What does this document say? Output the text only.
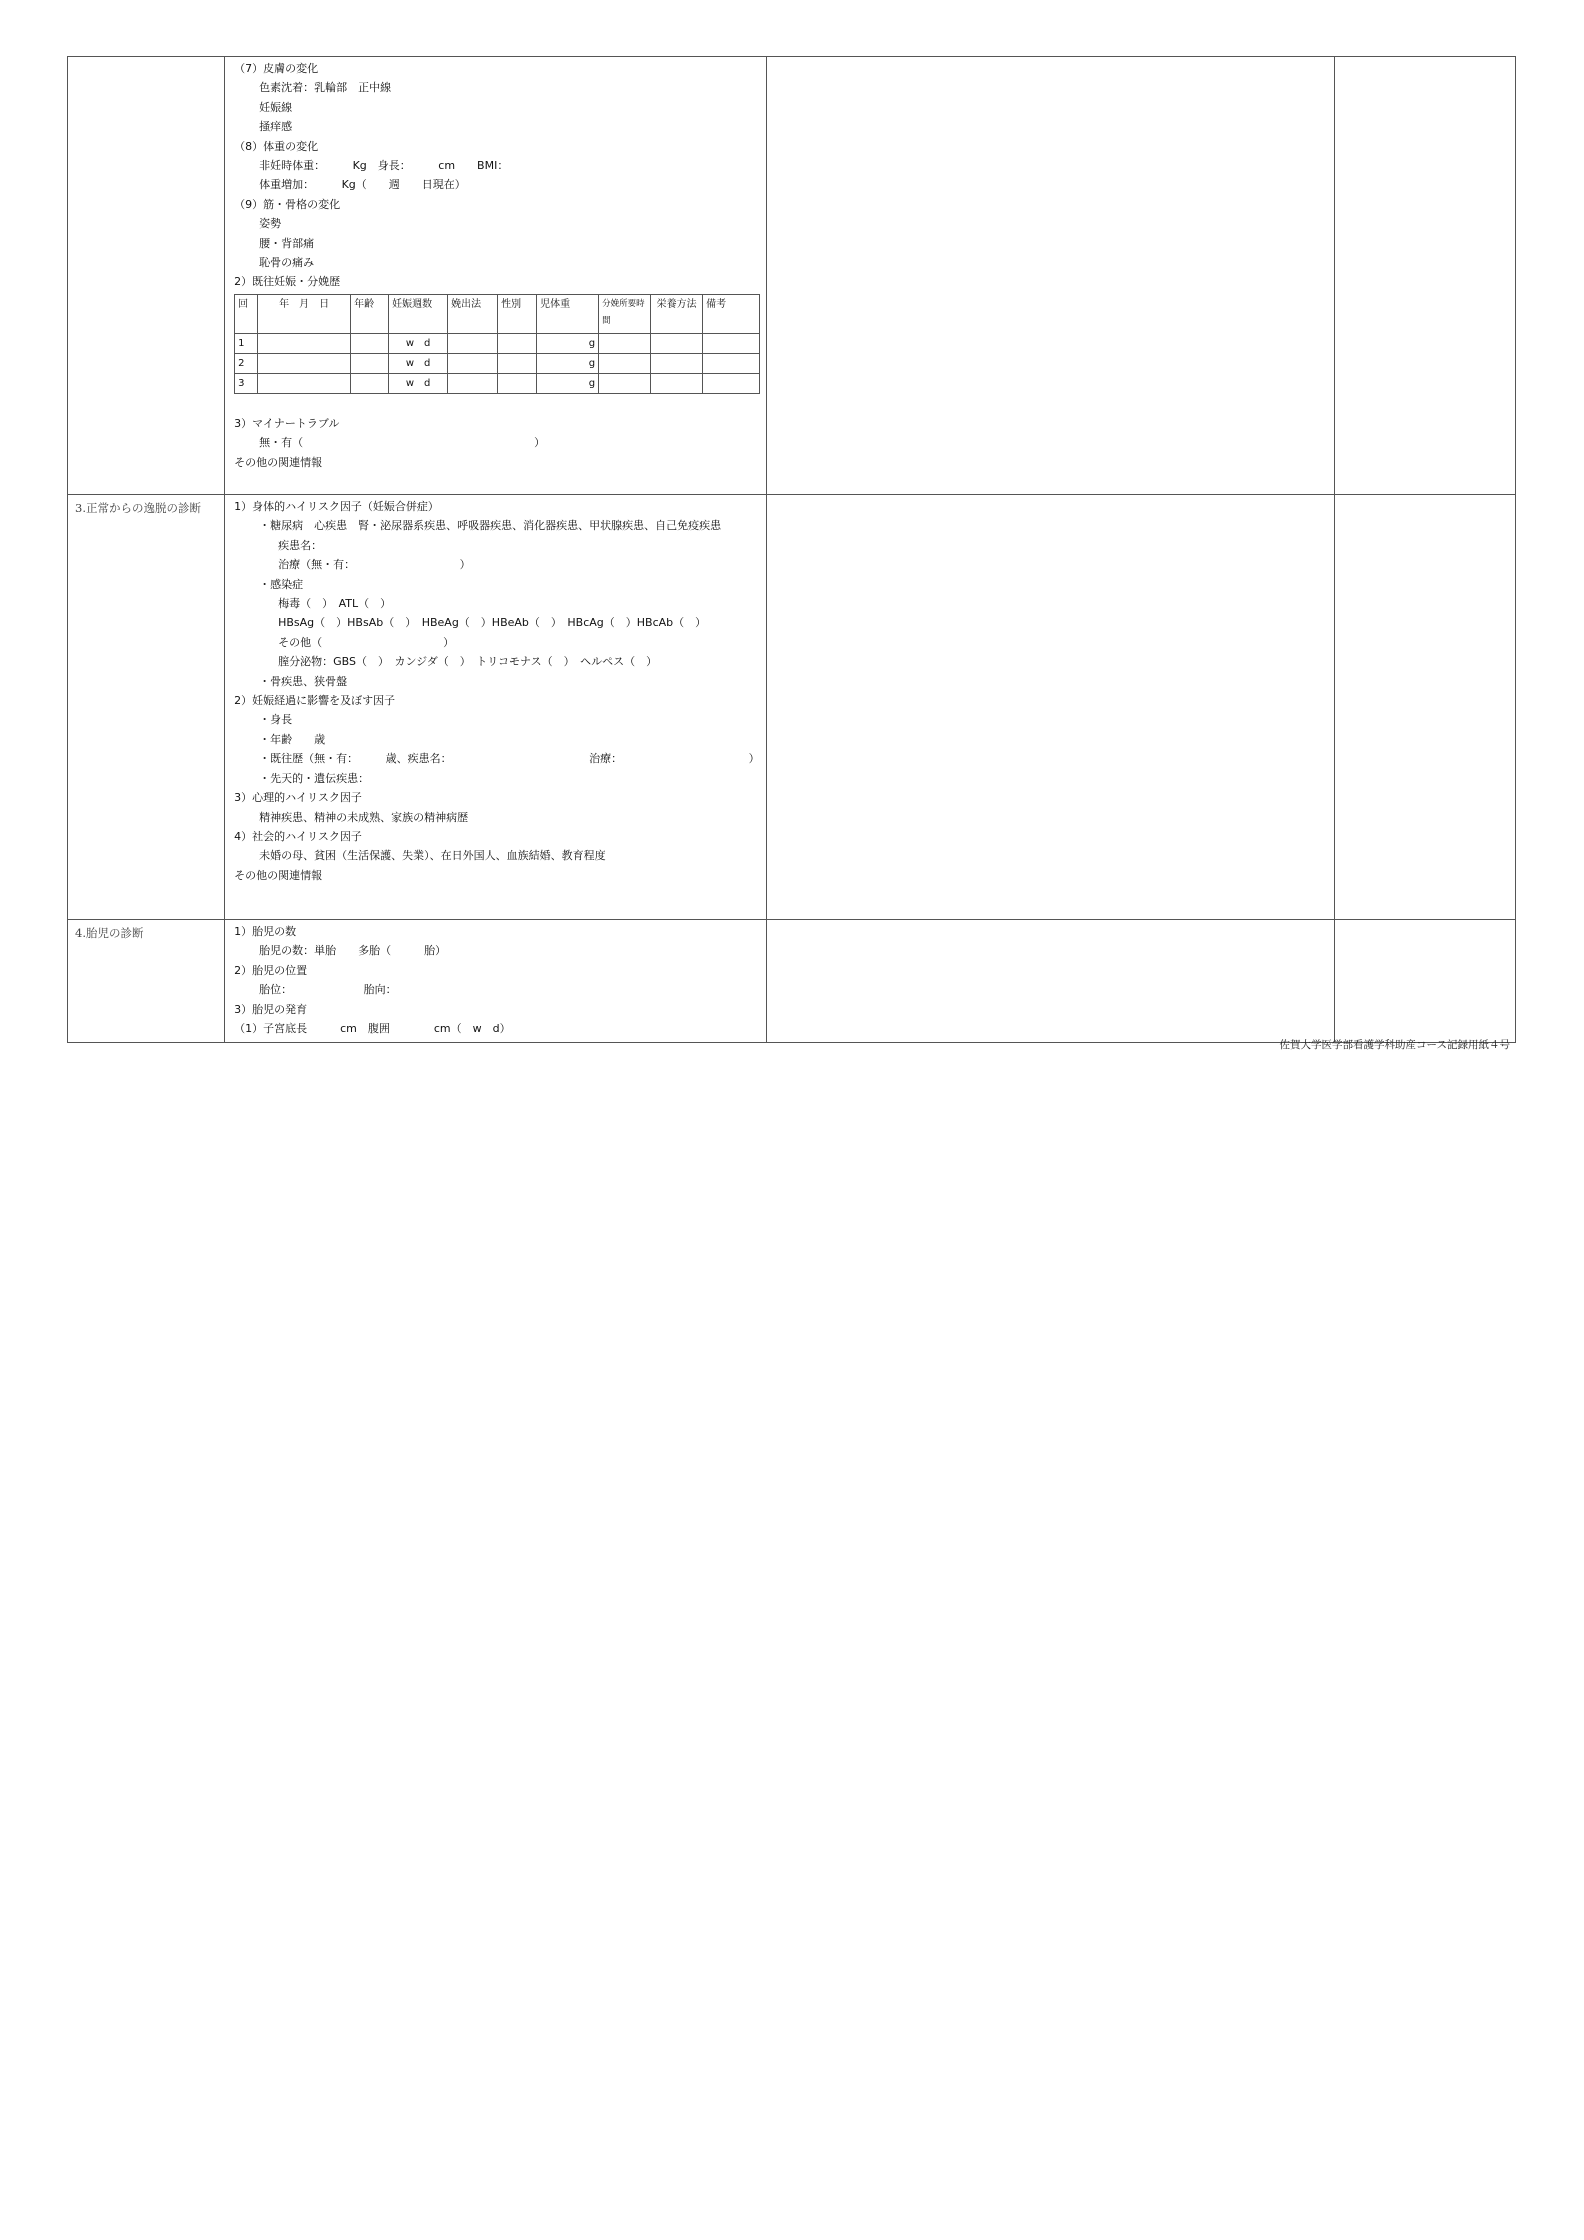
（7）皮膚の変化
色素沈着：乳輪部　正中線
妊娠線
掻痒感
（8）体重の変化
非妊時体重：　　　Kg　身長：　　　cm　　BMI：
体重増加：　　　Kg（　　週　　日現在）
（9）筋・骨格の変化
姿勢
腰・背部痛
恥骨の痛み
2）既往妊娠・分娩歴
回	年　月　日	年齢	妊娠週数	娩出法	性別	児体重	分娩所要時間	栄養方法	備考
1			w　d			g			
2			w　d			g			
3			w　d			g			
3）マイナートラブル
無・有（　　　　　　　　　　　　　　　　　　　　　）
その他の関連情報

3.正常からの逸脱の診断	1）身体的ハイリスク因子（妊娠合併症）
・糖尿病　心疾患　腎・泌尿器系疾患、呼吸器疾患、消化器疾患、甲状腺疾患、自己免疫疾患
疾患名：
治療（無・有：　　　　　　　　　　）
・感染症
梅毒（　）　ATL（　）
HBsAg（　）HBsAb（　）　HBeAg（　）HBeAb（　）　HBcAg（　）HBcAb（　）
その他（　　　　　　　　　　　）
膣分泌物：GBS（　）　カンジダ（　）　トリコモナス（　）　ヘルペス（　）
・骨疾患、狭骨盤
2）妊娠経過に影響を及ぼす因子
・身長
・年齢　　歳
・既往歴（無・有：　　　歳、疾患名：　　　　　　　　　　　　　治療：　　　　　　　　　　　　）
・先天的・遺伝疾患：
3）心理的ハイリスク因子
精神疾患、精神の未成熟、家族の精神病歴
4）社会的ハイリスク因子
未婚の母、貧困（生活保護、失業）、在日外国人、血族結婚、教育程度
その他の関連情報

4.胎児の診断	1）胎児の数
胎児の数：単胎　　多胎（　　　胎）
2）胎児の位置
胎位：　　　　　　　胎向：
3）胎児の発育
（1）子宮底長　　　cm　腹囲　　　　cm（　w　d）

佐賀大学医学部看護学科助産コース記録用紙４号
